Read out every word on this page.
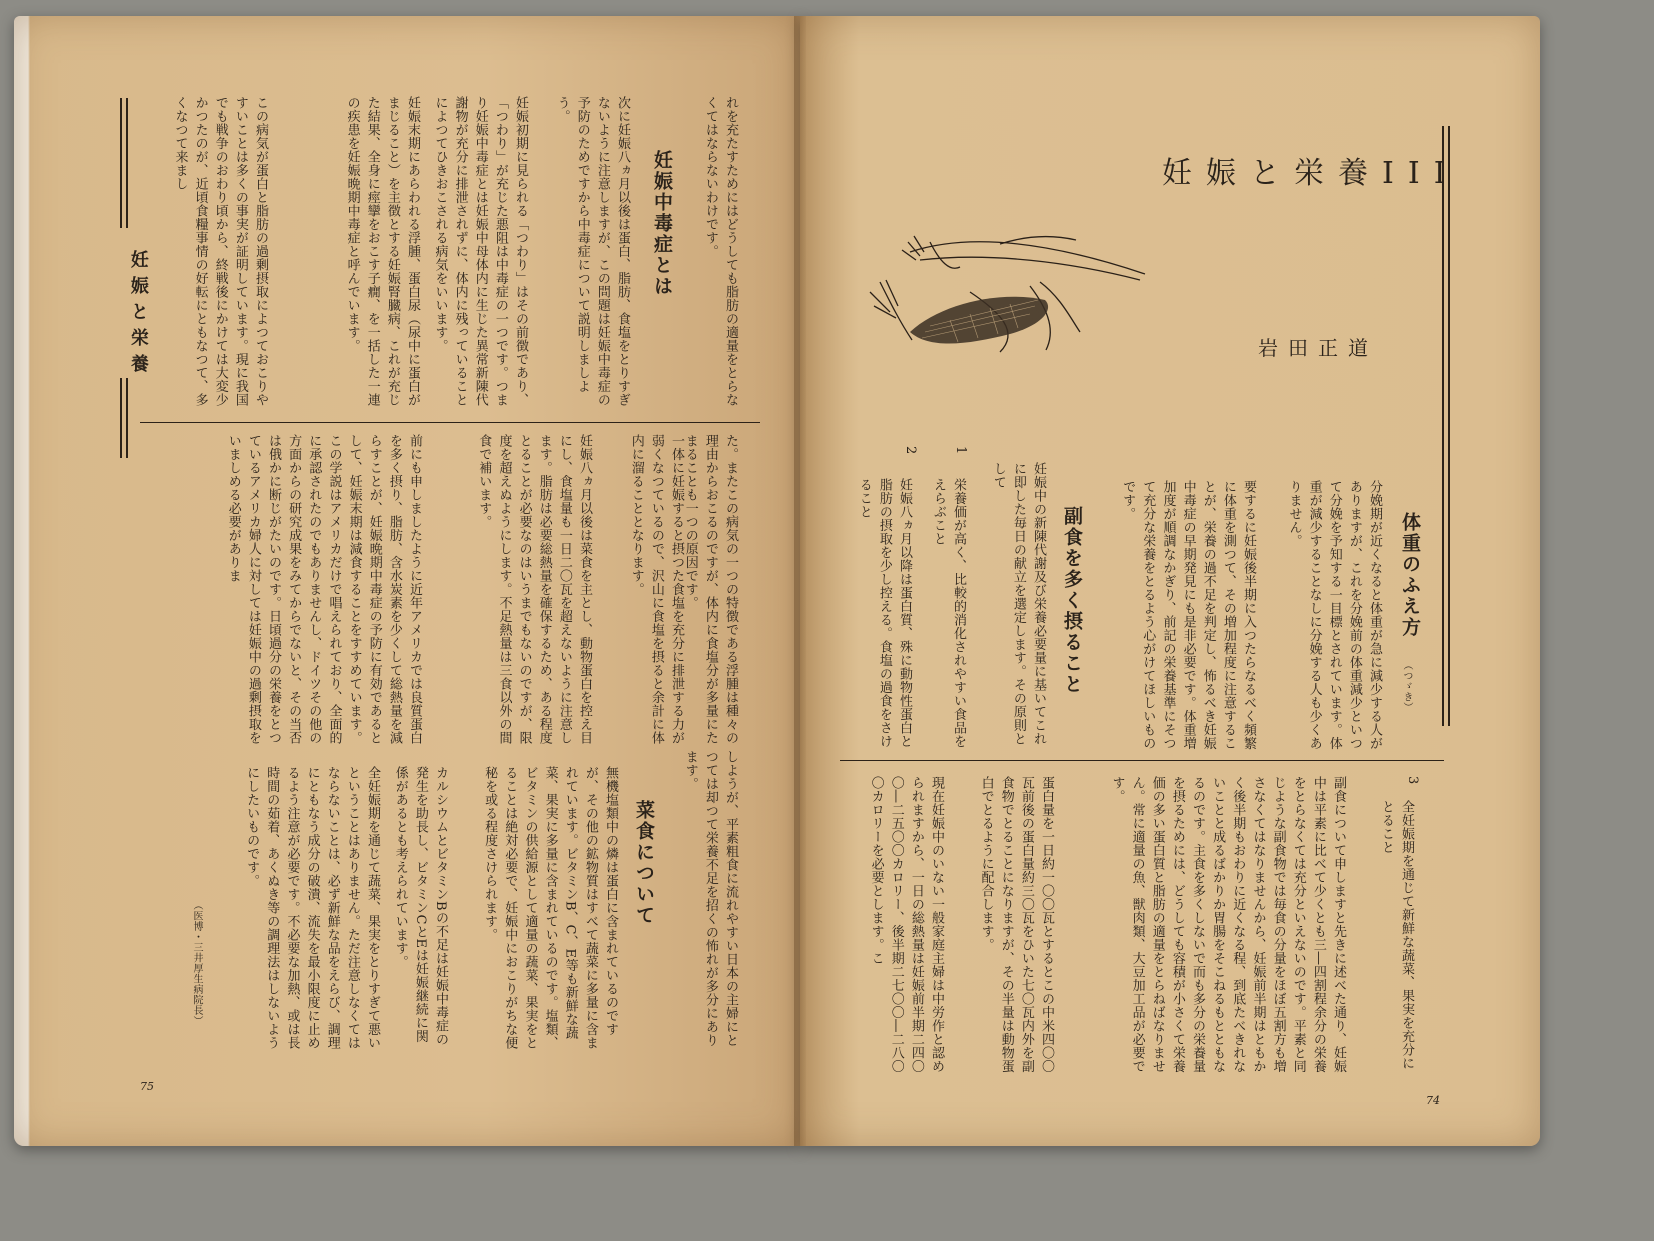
妊娠と栄養	れを充たすためにはどうしても脂肪の適量をとらなくてはならないわけです。
妊娠中毒症とは
次に妊娠八ヵ月以後は蛋白、脂肪、食塩をとりすぎないように注意しますが、この問題は妊娠中毒症の予防のためですから中毒症について説明しましよう。
妊娠初期に見られる「つわり」はその前徴であり、「つわり」が充じた悪阻は中毒症の一つです。つまり妊娠中毒症とは妊娠中母体内に生じた異常新陳代謝物が充分に排泄されずに、体内に残っていることによつてひきおこされる病気をいいます。
妊娠末期にあらわれる浮腫、蛋白尿（尿中に蛋白がまじること）を主徴とする妊娠腎臓病、これが充じた結果、全身に痙攣をおこす子癇、を一括した一連の疾患を妊娠晩期中毒症と呼んでいます。
この病気が蛋白と脂肪の過剰摂取によつておこりやすいことは多くの事実が証明しています。現に我国でも戦争のおわり頃から、終戦後にかけては大変少かつたのが、近頃食糧事情の好転にともなつて、多くなつて来まし
た。またこの病気の一つの特徴である浮腫は種々の理由からおこるのですが、体内に食塩分が多量にたまることも一つの原因です。
一体に妊娠すると摂つた食塩を充分に排泄する力が弱くなつているので、沢山に食塩を摂ると余計に体内に溜ることとなります。
妊娠八ヵ月以後は菜食を主とし、動物蛋白を控え目にし、食塩量も一日二〇瓦を超えないように注意します。脂肪は必要総熱量を確保するため、ある程度とることが必要なのはいうまでもないのですが、限度を超えぬようにします。不足熱量は三食以外の間食で補います。
前にも申しましたように近年アメリカでは良質蛋白を多く摂り、脂肪、含水炭素を少くして総熱量を減らすことが、妊娠晩期中毒症の予防に有効であるとして、妊娠末期は減食することをすすめています。この学説はアメリカだけで唱えられており、全面的に承認されたのでもありませんし、ドイツその他の方面からの研究成果をみてからでないと、その当否は俄かに断じがたいのです。日頃過分の栄養をとつているアメリカ婦人に対しては妊娠中の過剰摂取をいましめる必要がありま
しようが、平素粗食に流れやすい日本の主婦にとつては却つて栄養不足を招くの怖れが多分にあります。
菜食について
無機塩類中の燐は蛋白に含まれているのですが、その他の鉱物質はすべて蔬菜に多量に含まれています。ビタミンB、C、E等も新鮮な蔬菜、果実に多量に含まれているのです。塩類、ビタミンの供給源として適量の蔬菜、果実をとることは絶対必要で、妊娠中におこりがちな便秘を或る程度さけられます。
カルシウムとビタミンBの不足は妊娠中毒症の発生を助長し、ビタミンCとEは妊娠継続に関係があるとも考えられています。
全妊娠期を通じて蔬菜、果実をとりすぎて悪いということはありません。ただ注意しなくてはならないことは、必ず新鮮な品をえらび、調理にともなう成分の破潰、流失を最小限度に止めるよう注意が必要です。不必要な加熱、或は長時間の茹着、あくぬき等の調理法はしないようにしたいものです。
（医博・三井厚生病院長）
75
妊娠と栄養III
岩田正道
体重のふえ方
（つゞき）
分娩期が近くなると体重が急に減少する人がありますが、これを分娩前の体重減少といつて分娩を予知する一目標とされています。体重が減少することなしに分娩する人も少くありません。
要するに妊娠後半期に入つたらなるべく頻繁に体重を測つて、その増加程度に注意することが、栄養の過不足を判定し、怖るべき妊娠中毒症の早期発見にも是非必要です。体重増加度が順調なかぎり、前記の栄養基準にそつて充分な栄養をとるよう心がけてほしいものです。
副食を多く摂ること
妊娠中の新陳代謝及び栄養必要量に基いてこれに即した毎日の献立を選定します。その原則として
1
栄養価が高く、比較的消化されやすい食品をえらぶこと
2
妊娠八ヵ月以降は蛋白質、殊に動物性蛋白と脂肪の摂取を少し控える。食塩の過食をさけること
3
全妊娠期を通じて新鮮な蔬菜、果実を充分にとること
副食について申しますと先きに述べた通り、妊娠中は平素に比べて少くとも三―四割程余分の栄養をとらなくては充分といえないのです。平素と同じような副食物では毎食の分量をほぼ五割方も増さなくてはなりませんから、妊娠前半期はともかく後半期もおわりに近くなる程、到底たべきれないことと成るばかりか胃腸をそこねるもとともなるのです。主食を多くしないで而も多分の栄養量を摂るためには、どうしても容積が小さくて栄養価の多い蛋白質と脂肪の適量をとらねばなりません。常に適量の魚、獣肉類、大豆加工品が必要です。
蛋白量を一日約一〇〇瓦とするとこの中米四〇〇瓦前後の蛋白量約三〇瓦をひいた七〇瓦内外を副食物でとることになりますが、その半量は動物蛋白でとるように配合します。
現在妊娠中のいない一般家庭主婦は中労作と認められますから、一日の総熱量は妊娠前半期二四〇〇―二五〇〇カロリー、後半期二七〇〇―二八〇〇カロリーを必要とします。こ
74
